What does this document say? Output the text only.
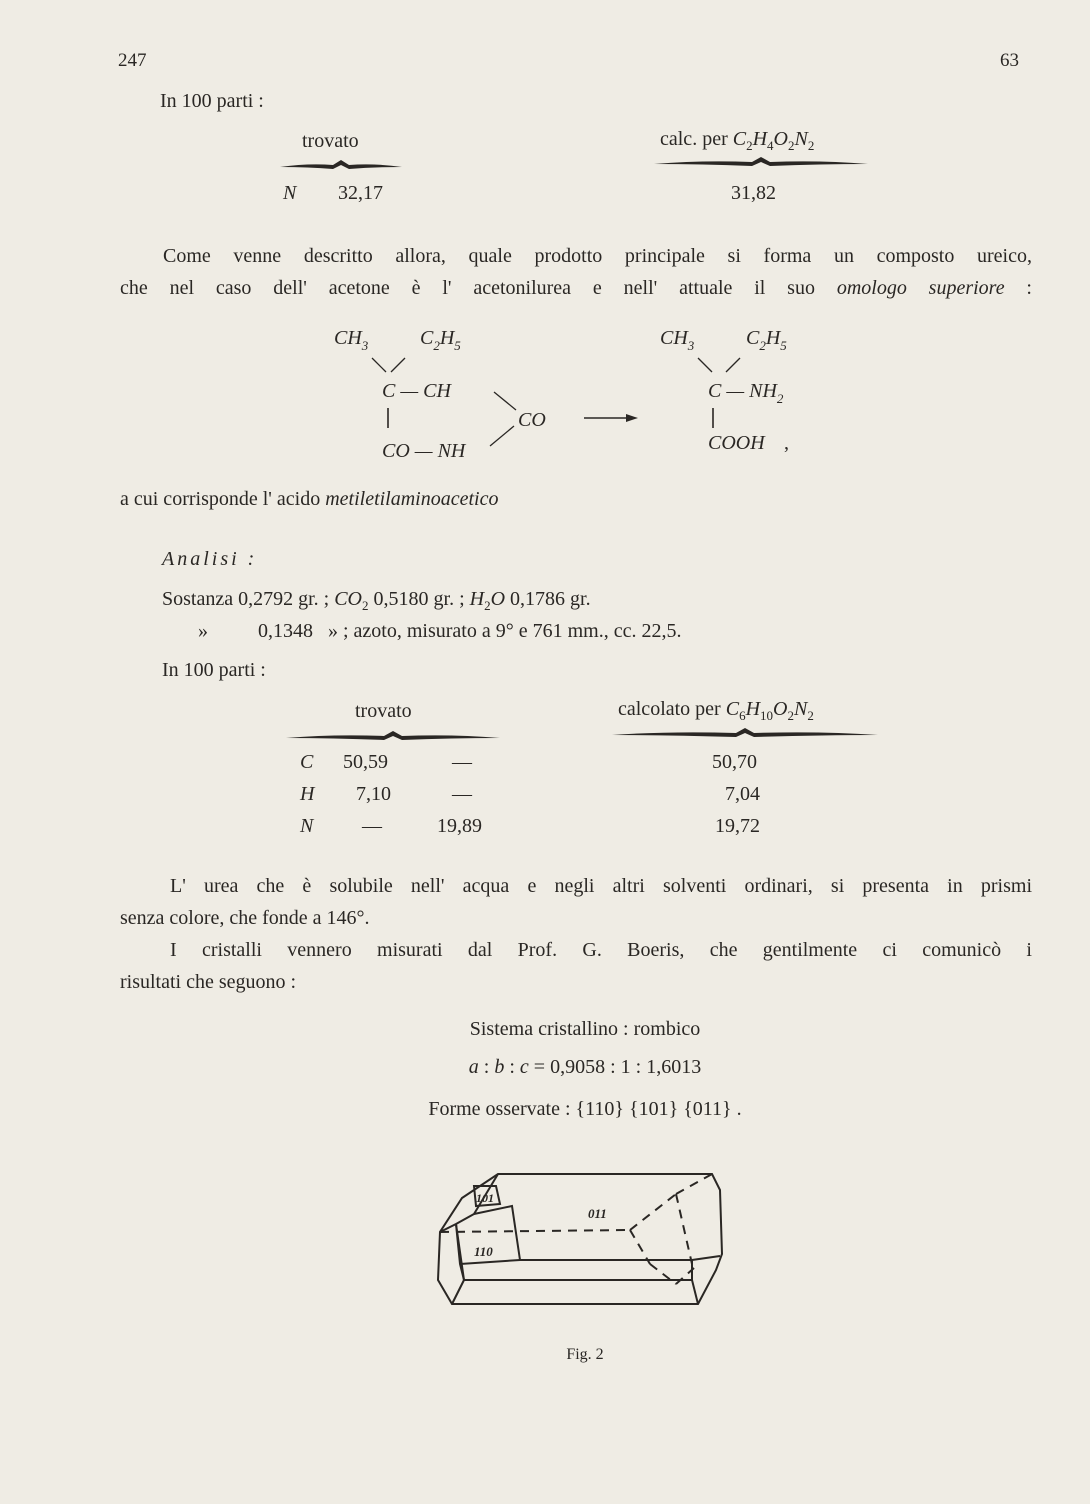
247	63
In 100 parti :
trovato	calc. per $C_2H_4O_2N_2$
N 32,17	31,82
Come venne descritto allora, quale prodotto principale si forma un composto ureico,
che nel caso dell' acetone è l' acetonilurea e nell' attuale il suo omologo superiore :
$CH_3$	$C_2H_5$
C — CH
CO
CO — NH
$CH_3$	$C_2H_5$
C — $NH_2$
COOH ,
a cui corrisponde l' acido metiletilaminoacetico
Analisi :
Sostanza 0,2792 gr. ; $CO_2$ 0,5180 gr. ; $H_2O$ 0,1786 gr.
»	0,1348 » ; azoto, misurato a 9° e 761 mm., cc. 22,5.
In 100 parti :
trovato	calcolato per $C_6H_{10}O_2N_2$
C 50,59	—	50,70
H 7,10	—	7,04
N —	19,89	19,72
L' urea che è solubile nell' acqua e negli altri solventi ordinari, si presenta in prismi
senza colore, che fonde a 146°.
I cristalli vennero misurati dal Prof. G. Boeris, che gentilmente ci comunicò i
risultati che seguono :
Sistema cristallino : rombico
a : b : c = 0,9058 : 1 : 1,6013
Forme osservate : {110} {101} {011} .
101
011
110
Fig. 2
